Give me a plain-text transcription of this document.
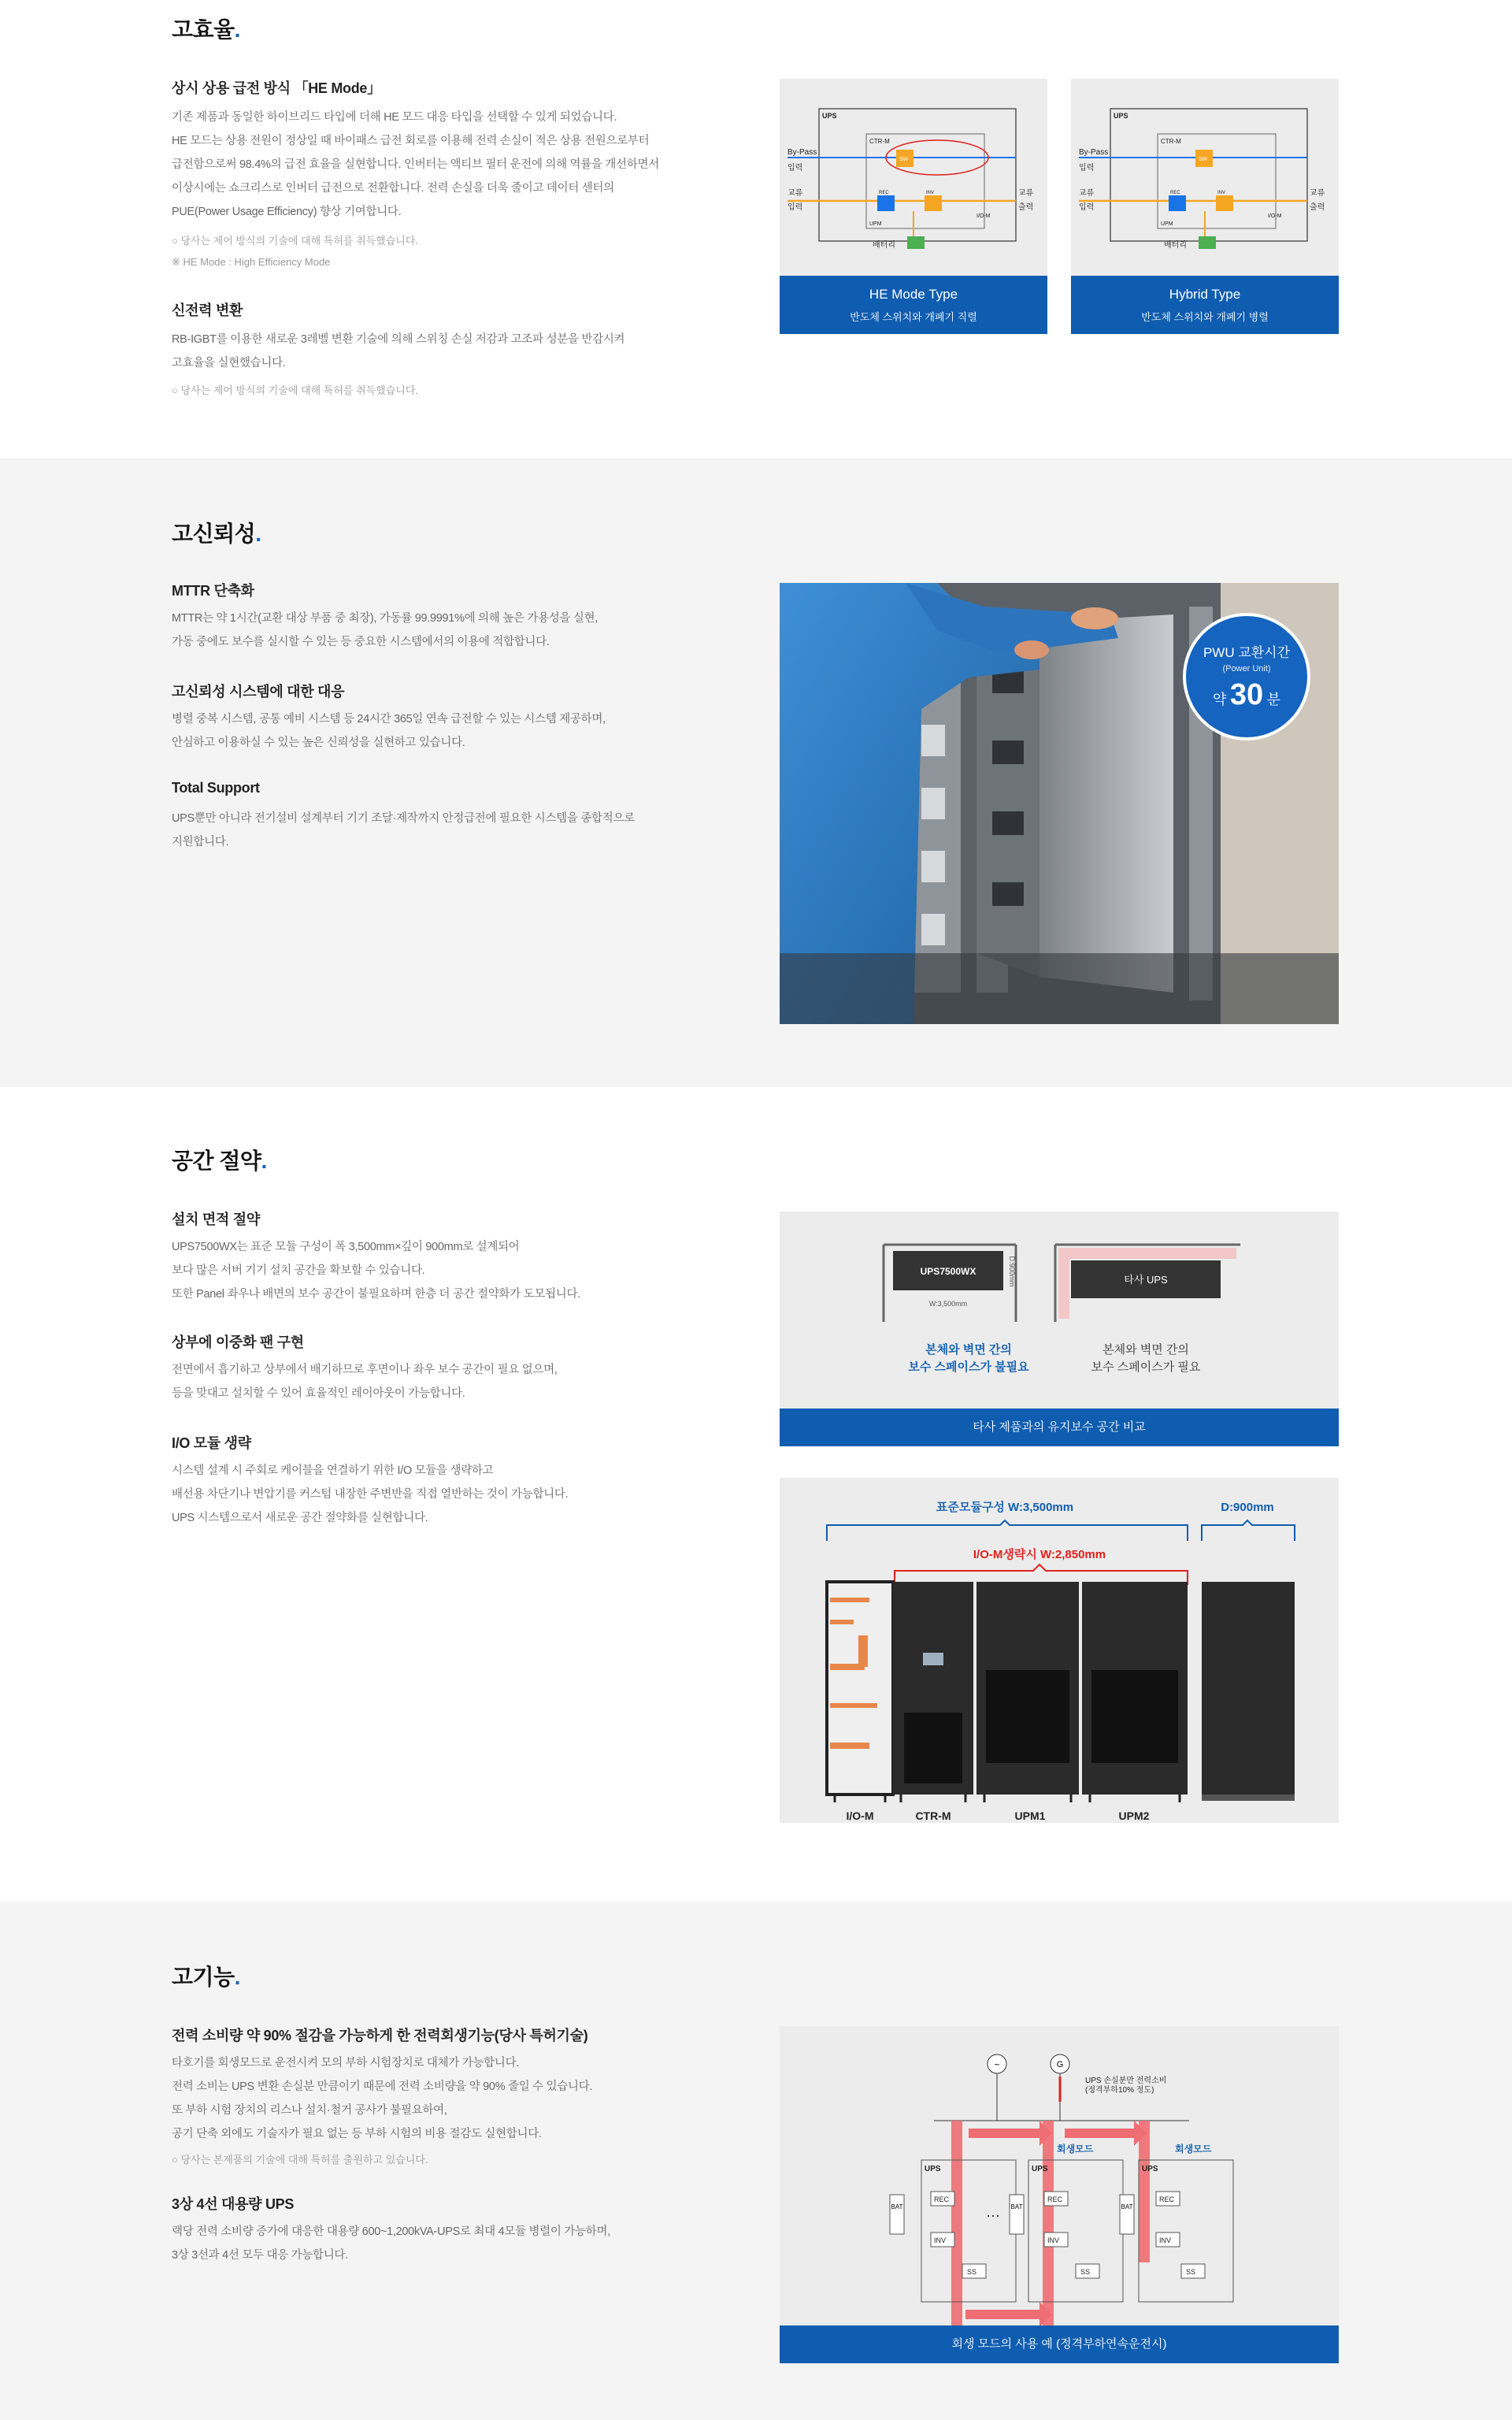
고효율.
상시 상용 급전 방식 「HE Mode」
기존 제품과 동일한 하이브리드 타입에 더해 HE 모드 대응 타입을 선택할 수 있게 되었습니다.
HE 모드는 상용 전원이 정상일 때 바이패스 급전 회로를 이용해 전력 손실이 적은 상용 전원으로부터
급전함으로써 98.4%의 급전 효율을 실현합니다. 인버터는 액티브 필터 운전에 의해 역률을 개선하면서
이상시에는 쇼크리스로 인버터 급전으로 전환합니다. 전력 손실을 더욱 줄이고 데이터 센터의
PUE(Power Usage Efficiency) 향상 기여합니다.
○ 당사는 제어 방식의 기술에 대해 특허를 취득했습니다.
※ HE Mode : High Efficiency Mode
신전력 변환
RB-IGBT를 이용한 새로운 3레벨 변환 기술에 의해 스위칭 손실 저감과 고조파 성분을 반감시켜
고효율을 실현했습니다.
○ 당사는 제어 방식의 기술에 대해 특허를 취득했습니다.
UPS
CTR-M
SW
REC	INV
UPM
I/O-M
By-Pass
입력
교류
입력
교류
출력
배터리
HE Mode Type
반도체 스위치와 개폐기 직렬
UPS
CTR-M
SW
REC	INV
UPM
I/O-M
By-Pass
입력
교류
입력
교류
출력
배터리
Hybrid Type
반도체 스위치와 개폐기 병렬
고신뢰성.
MTTR 단축화
MTTR는 약 1시간(교환 대상 부품 중 최장), 가동률 99.9991%에 의해 높은 가용성을 실현,
가동 중에도 보수를 실시할 수 있는 등 중요한 시스템에서의 이용에 적합합니다.
고신뢰성 시스템에 대한 대응
병렬 중복 시스템, 공통 예비 시스템 등 24시간 365일 연속 급전할 수 있는 시스템 제공하며,
안심하고 이용하실 수 있는 높은 신뢰성을 실현하고 있습니다.
Total Support
UPS뿐만 아니라 전기설비 설계부터 기기 조달·제작까지 안정급전에 필요한 시스템을 종합적으로
지원합니다.
PWU 교환시간
(Power Unit)
약 30 분
공간 절약.
설치 면적 절약
UPS7500WX는 표준 모듈 구성이 폭 3,500mm×깊이 900mm로 설계되어
보다 많은 서버 기기 설치 공간을 확보할 수 있습니다.
또한 Panel 좌우나 배면의 보수 공간이 불필요하며 한층 더 공간 절약화가 도모됩니다.
상부에 이중화 팬 구현
전면에서 흡기하고 상부에서 배기하므로 후면이나 좌우 보수 공간이 필요 없으며,
등을 맞대고 설치할 수 있어 효율적인 레이아웃이 가능합니다.
I/O 모듈 생략
시스템 설계 시 주회로 케이블을 연결하기 위한 I/O 모듈을 생략하고
배선용 차단기나 변압기를 커스텀 내장한 주변반을 직접 열반하는 것이 가능합니다.
UPS 시스템으로서 새로운 공간 절약화를 실현합니다.
UPS7500WX
W:3,500mm
D:900mm	타사 UPS
본체와 벽면 간의 보수 스페이스가 불필요
본체와 벽면 간의 보수 스페이스가 필요
타사 제품과의 유지보수 공간 비교
표준모듈구성 W:3,500mm	D:900mm
I/O-M생략시 W:2,850mm
I/O-M	CTR-M	UPM1	UPM2
고기능.
전력 소비량 약 90% 절감을 가능하게 한 전력회생기능(당사 특허기술)
타호기를 회생모드로 운전시켜 모의 부하 시험장치로 대체가 가능합니다.
전력 소비는 UPS 변환 손실분 만큼이기 때문에 전력 소비량을 약 90% 줄일 수 있습니다.
또 부하 시험 장치의 리스나 설치·철거 공사가 불필요하여,
공기 단축 외에도 기술자가 필요 없는 등 부하 시험의 비용 절감도 실현합니다.
○ 당사는 본제품의 기술에 대해 특허를 출원하고 있습니다.
3상 4선 대용량 UPS
랙당 전력 소비량 증가에 대응한 대용량 600~1,200kVA-UPS로 최대 4모듈 병렬이 가능하며,
3상 3선과 4선 모두 대응 가능합니다.
~	G
UPS 손실분만 전력소비 (정격부하10% 정도)
UPS	UPS	UPS
REC
INV
SS
REC
INV
SS
REC
INV
SS
BAT	BAT	BAT
···
회생모드	회생모드
회생 모드의 사용 예 (정격부하연속운전시)
